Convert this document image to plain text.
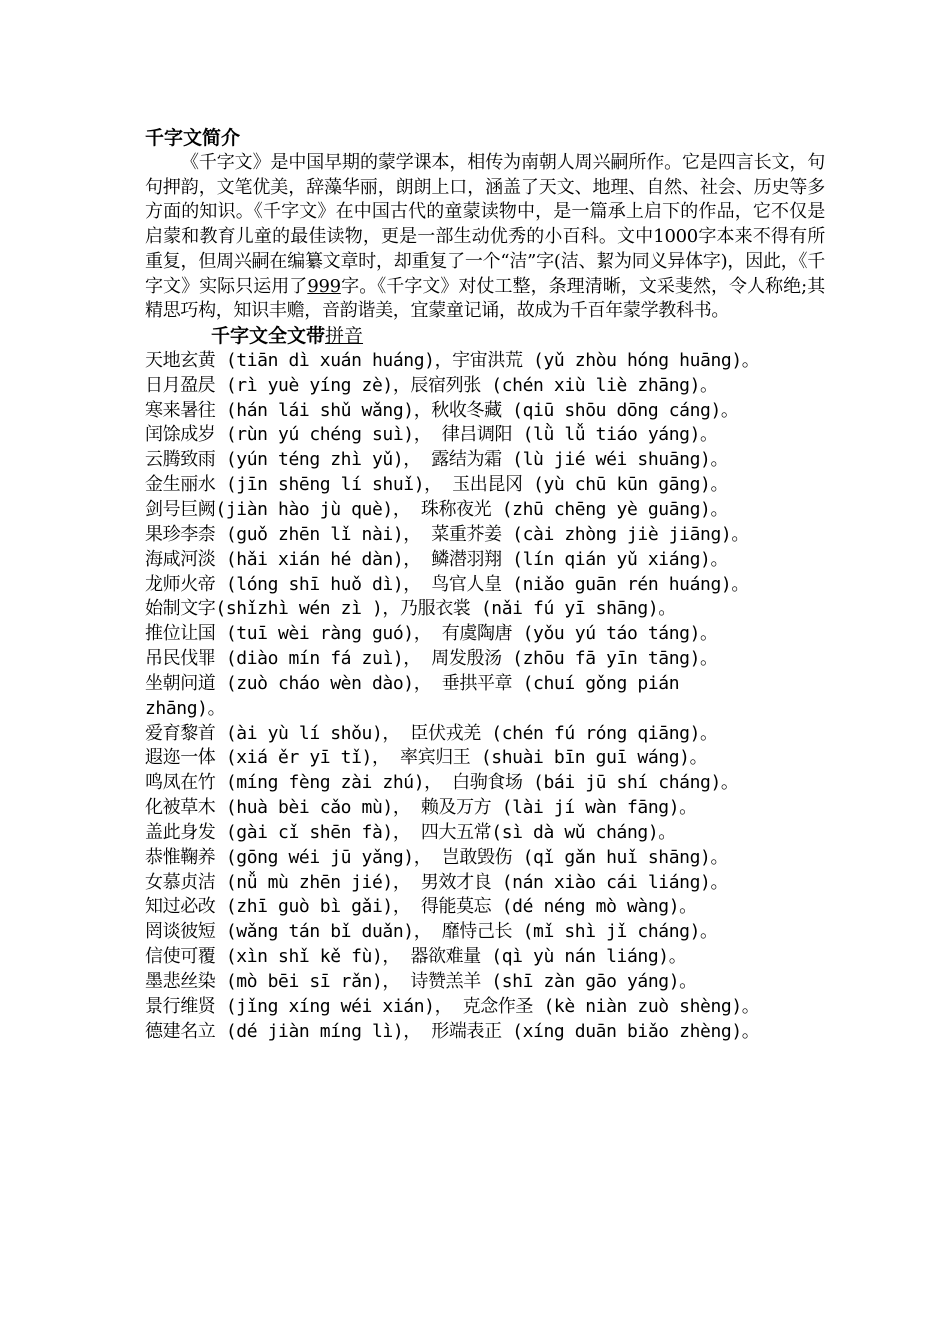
千字文简介

《千字文》是中国早期的蒙学课本，相传为南朝人周兴嗣所作。它是四言长文，句句押韵，文笔优美，辞藻华丽，朗朗上口，涵盖了天文、地理、自然、社会、历史等多方面的知识。《千字文》在中国古代的童蒙读物中，是一篇承上启下的作品，它不仅是启蒙和教育儿童的最佳读物，更是一部生动优秀的小百科。文中1000字本来不得有所重复，但周兴嗣在编纂文章时，却重复了一个“洁”字(洁、絜为同义异体字)，因此，《千字文》实际只运用了999字。《千字文》对仗工整，条理清晰，文采斐然，令人称绝;其精思巧构，知识丰赡，音韵谐美，宜蒙童记诵，故成为千百年蒙学教科书。

千字文全文带拼音
天地玄黄 (tiān dì xuán huáng)，宇宙洪荒 (yǔ zhòu hóng huāng)。
日月盈昃 (rì yuè yíng zè)，辰宿列张 (chén xiù liè zhāng)。
寒来暑往 (hán lái shǔ wǎng)，秋收冬藏 (qiū shōu dōng cáng)。
闰馀成岁 (rùn yú chéng suì)， 律吕调阳 (lǜ lǚ tiáo yáng)。
云腾致雨 (yún téng zhì yǔ)， 露结为霜 (lù jié wéi shuāng)。
金生丽水 (jīn shēng lí shuǐ)， 玉出昆冈 (yù chū kūn gāng)。
剑号巨阙(jiàn hào jù què)， 珠称夜光 (zhū chēng yè guāng)。
果珍李柰 (guǒ zhēn lǐ nài)， 菜重芥姜 (cài zhòng jiè jiāng)。
海咸河淡 (hǎi xián hé dàn)， 鳞潜羽翔 (lín qián yǔ xiáng)。
龙师火帝 (lóng shī huǒ dì)， 鸟官人皇 (niǎo guān rén huáng)。
始制文字(shǐzhì wén zì )，乃服衣裳 (nǎi fú yī shāng)。
推位让国 (tuī wèi ràng guó)， 有虞陶唐 (yǒu yú táo táng)。
吊民伐罪 (diào mín fá zuì)， 周发殷汤 (zhōu fā yīn tāng)。
坐朝问道 (zuò cháo wèn dào)， 垂拱平章 (chuí gǒng pián zhāng)。
爱育黎首 (ài yù lí shǒu)， 臣伏戎羌 (chén fú róng qiāng)。
遐迩一体 (xiá ěr yī tǐ)， 率宾归王 (shuài bīn guī wáng)。
鸣凤在竹 (míng fèng zài zhú)， 白驹食场 (bái jū shí cháng)。
化被草木 (huà bèi cǎo mù)， 赖及万方 (lài jí wàn fāng)。
盖此身发 (gài cǐ shēn fà)， 四大五常(sì dà wǔ cháng)。
恭惟鞠养 (gōng wéi jū yǎng)， 岂敢毁伤 (qǐ gǎn huǐ shāng)。
女慕贞洁 (nǚ mù zhēn jié)， 男效才良 (nán xiào cái liáng)。
知过必改 (zhī guò bì gǎi)， 得能莫忘 (dé néng mò wàng)。
罔谈彼短 (wǎng tán bǐ duǎn)， 靡恃己长 (mǐ shì jǐ cháng)。
信使可覆 (xìn shǐ kě fù)， 器欲难量 (qì yù nán liáng)。
墨悲丝染 (mò bēi sī rǎn)， 诗赞羔羊 (shī zàn gāo yáng)。
景行维贤 (jǐng xíng wéi xián)， 克念作圣 (kè niàn zuò shèng)。
德建名立 (dé jiàn míng lì)， 形端表正 (xíng duān biǎo zhèng)。
